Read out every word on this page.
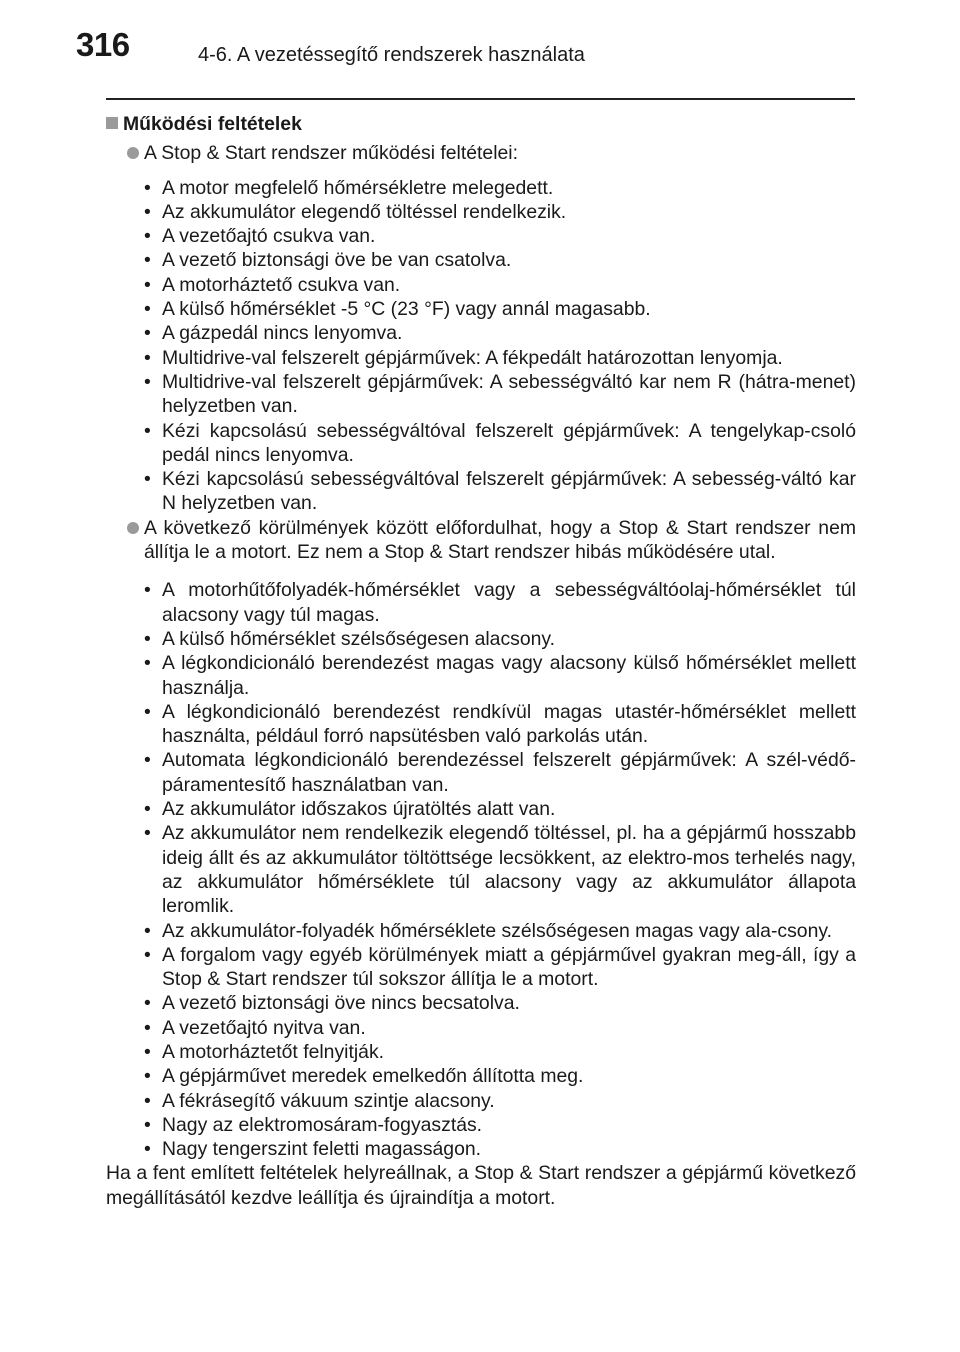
316	4-6. A vezetéssegítő rendszerek használata
Működési feltételek

A Stop & Start rendszer működési feltételei:

• A motor megfelelő hőmérsékletre melegedett.
• Az akkumulátor elegendő töltéssel rendelkezik.
• A vezetőajtó csukva van.
• A vezető biztonsági öve be van csatolva.
• A motorháztető csukva van.
• A külső hőmérséklet -5 °C (23 °F) vagy annál magasabb.
• A gázpedál nincs lenyomva.
• Multidrive-val felszerelt gépjárművek: A fékpedált határozottan lenyomja.
• Multidrive-val felszerelt gépjárművek: A sebességváltó kar nem R (hátra-menet) helyzetben van.
• Kézi kapcsolású sebességváltóval felszerelt gépjárművek: A tengelykap-csoló pedál nincs lenyomva.
• Kézi kapcsolású sebességváltóval felszerelt gépjárművek: A sebesség-váltó kar N helyzetben van.

A következő körülmények között előfordulhat, hogy a Stop & Start rendszer nem állítja le a motort. Ez nem a Stop & Start rendszer hibás működésére utal.

• A motorhűtőfolyadék-hőmérséklet vagy a sebességváltóolaj-hőmérséklet túl alacsony vagy túl magas.
• A külső hőmérséklet szélsőségesen alacsony.
• A légkondicionáló berendezést magas vagy alacsony külső hőmérséklet mellett használja.
• A légkondicionáló berendezést rendkívül magas utastér-hőmérséklet mellett használta, például forró napsütésben való parkolás után.
• Automata légkondicionáló berendezéssel felszerelt gépjárművek: A szél-védő-páramentesítő használatban van.
• Az akkumulátor időszakos újratöltés alatt van.
• Az akkumulátor nem rendelkezik elegendő töltéssel, pl. ha a gépjármű hosszabb ideig állt és az akkumulátor töltöttsége lecsökkent, az elektro-mos terhelés nagy, az akkumulátor hőmérséklete túl alacsony vagy az akkumulátor állapota leromlik.
• Az akkumulátor-folyadék hőmérséklete szélsőségesen magas vagy ala-csony.
• A forgalom vagy egyéb körülmények miatt a gépjárművel gyakran meg-áll, így a Stop & Start rendszer túl sokszor állítja le a motort.
• A vezető biztonsági öve nincs becsatolva.
• A vezetőajtó nyitva van.
• A motorháztetőt felnyitják.
• A gépjárművet meredek emelkedőn állította meg.
• A fékrásegítő vákuum szintje alacsony.
• Nagy az elektromosáram-fogyasztás.
• Nagy tengerszint feletti magasságon.

Ha a fent említett feltételek helyreállnak, a Stop & Start rendszer a gépjármű következő megállításától kezdve leállítja és újraindítja a motort.
